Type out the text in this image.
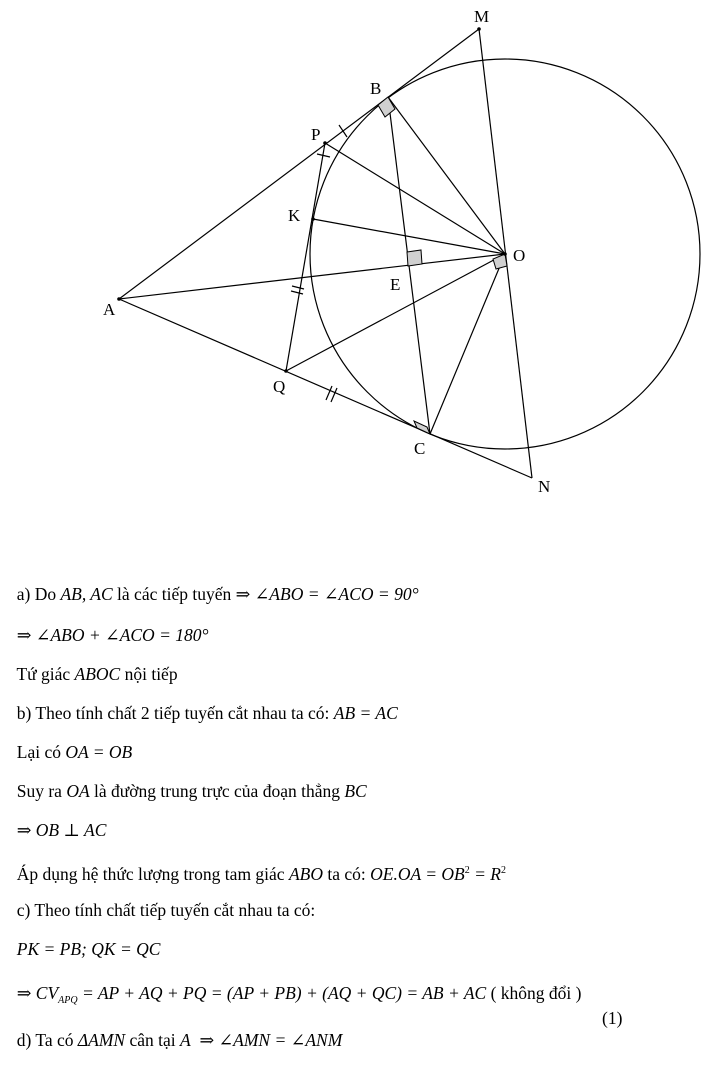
M
B
P
K
O
E
A
Q
C
N

a) Do AB, AC là các tiếp tuyến ⇒ ∠ABO = ∠ACO = 90°

⇒ ∠ABO + ∠ACO = 180°

Tứ giác ABOC nội tiếp

b) Theo tính chất 2 tiếp tuyến cắt nhau ta có: AB = AC

Lại có OA = OB

Suy ra OA là đường trung trực của đoạn thẳng BC

⇒ OB ⊥ AC

Áp dụng hệ thức lượng trong tam giác ABO ta có: $OE.OA = OB^2 = R^2$

c) Theo tính chất tiếp tuyến cắt nhau ta có:

PK = PB; QK = QC

⇒ $CV_{APQ}$ = AP + AQ + PQ = (AP + PB) + (AQ + QC) = AB + AC ( không đổi )

d) Ta có ΔAMN cân tại A ⇒ ∠AMN = ∠ANM

(1)
